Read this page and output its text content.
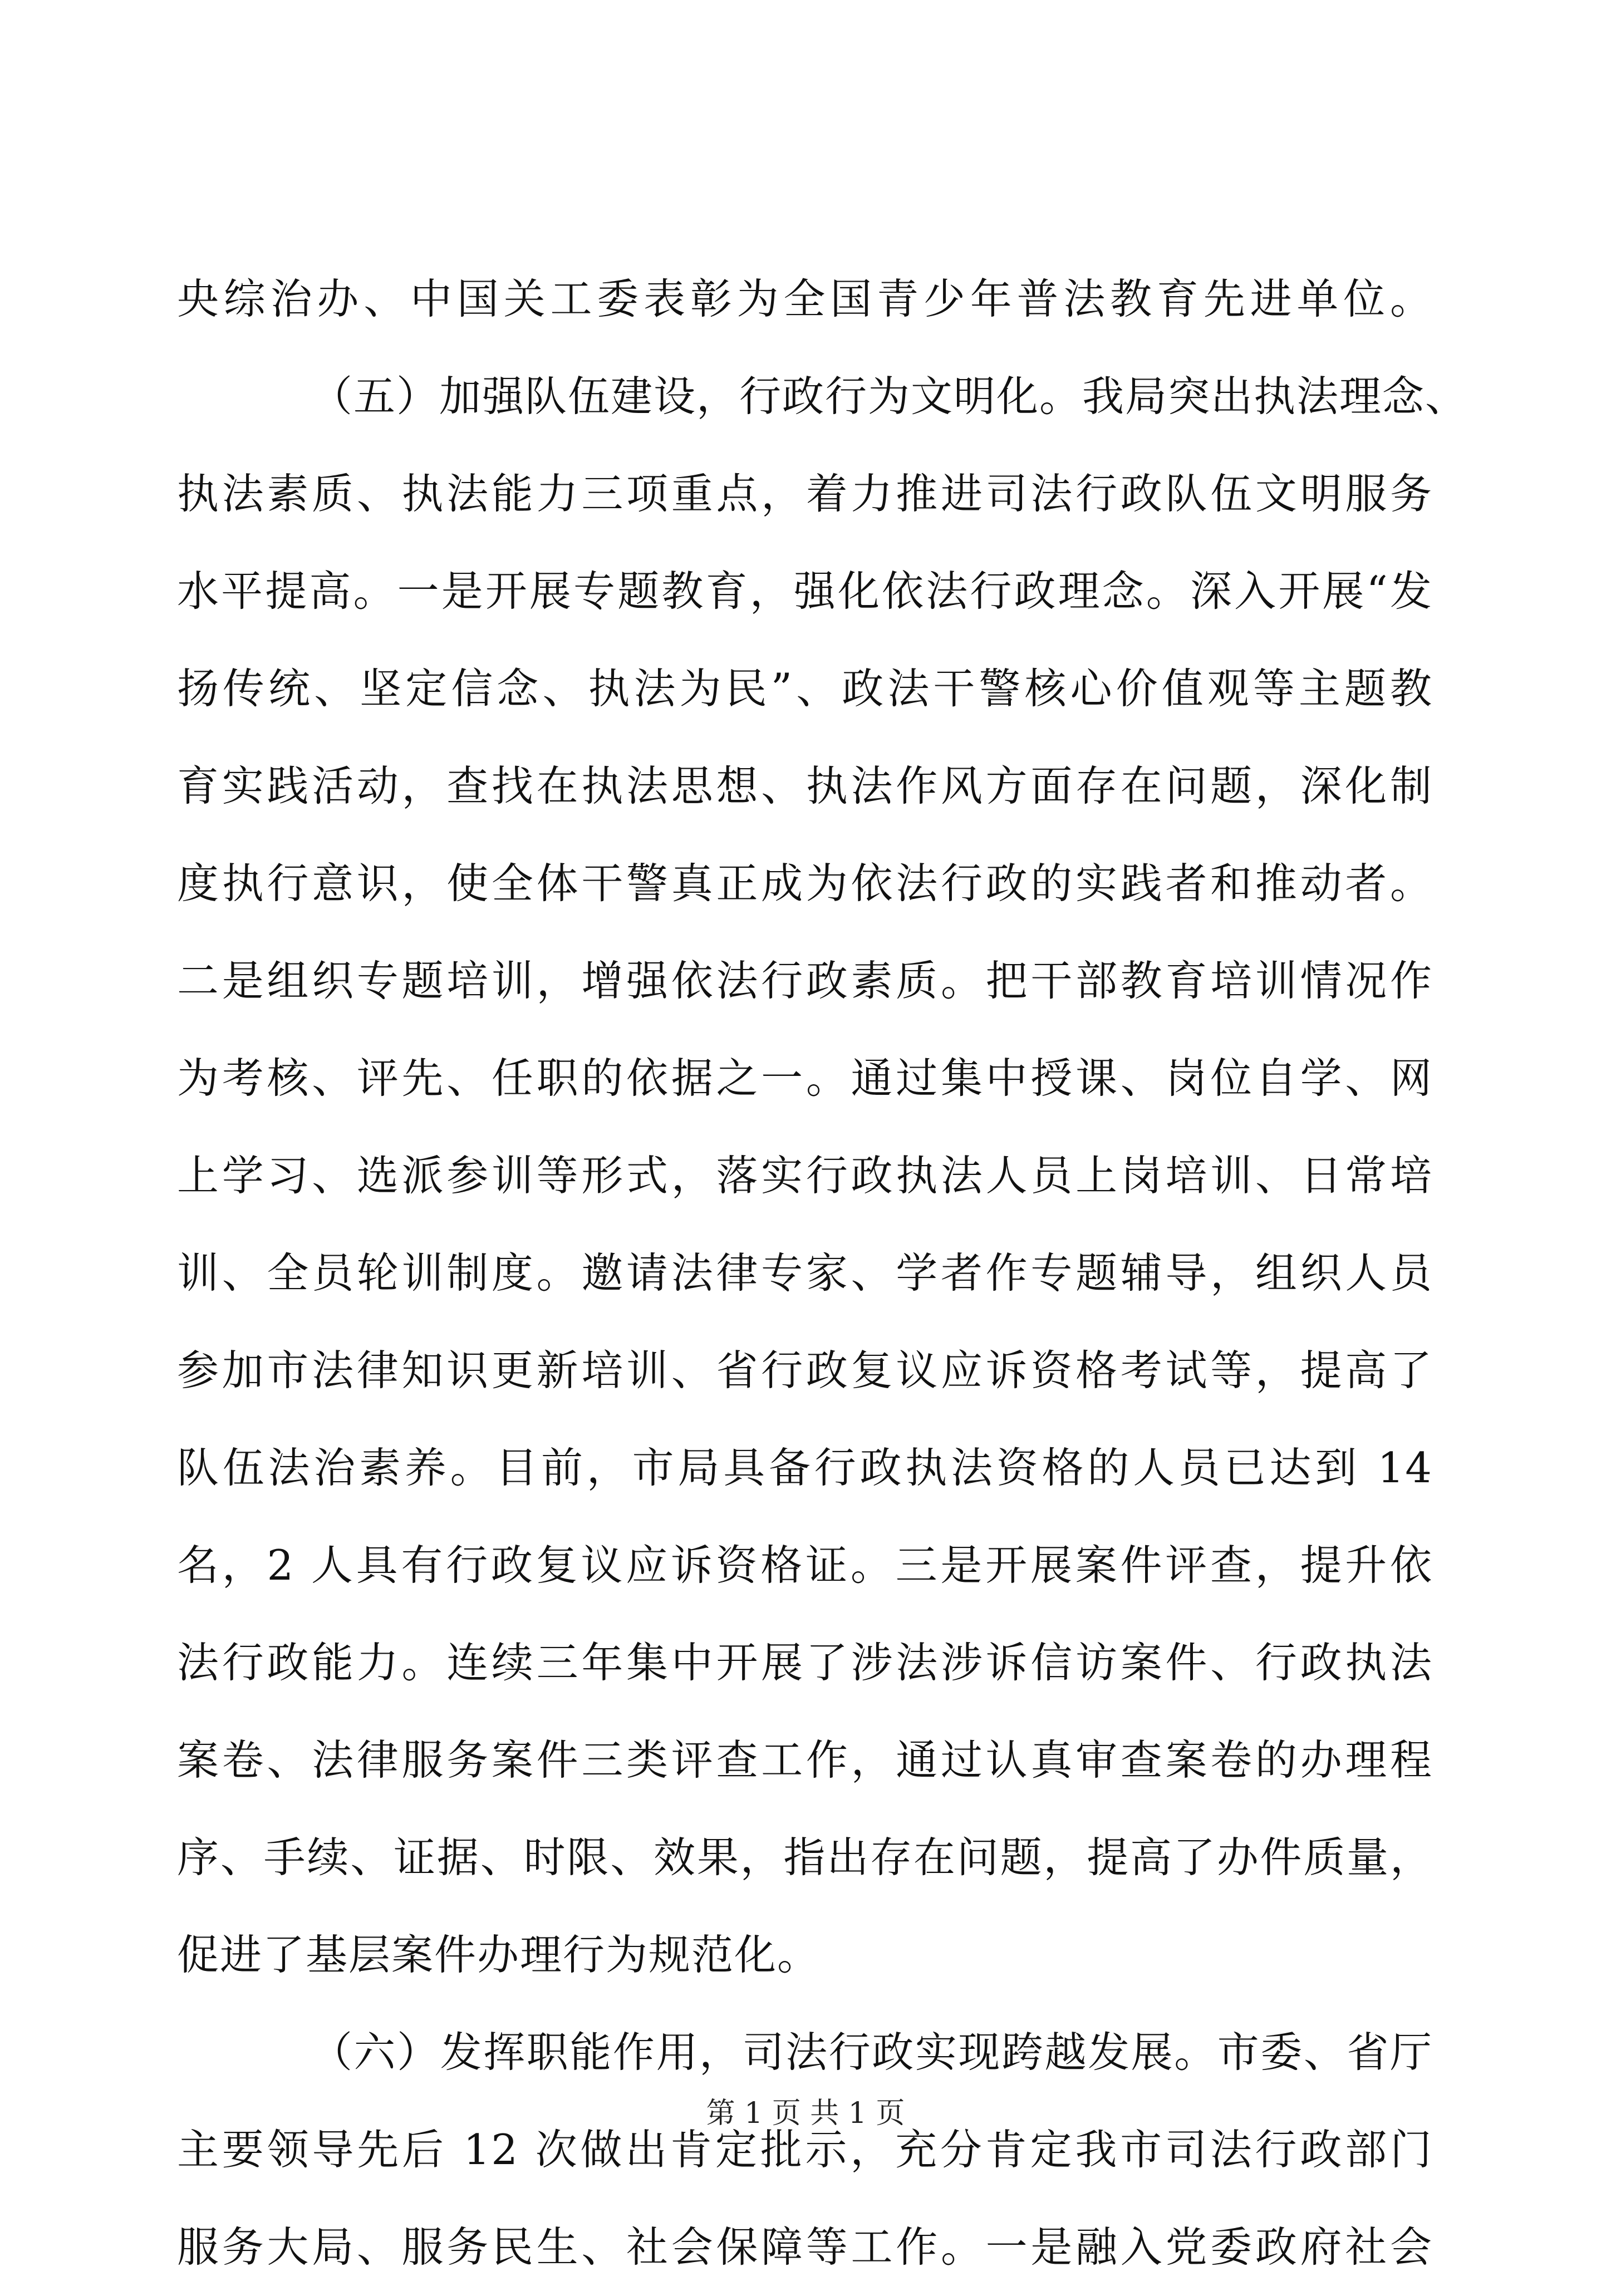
央综治办、中国关工委表彰为全国青少年普法教育先进单位。
（五）加强队伍建设，行政行为文明化。我局突出执法理念、
执法素质、执法能力三项重点，着力推进司法行政队伍文明服务
水平提高。一是开展专题教育，强化依法行政理念。深入开展“发
扬传统、坚定信念、执法为民”、政法干警核心价值观等主题教
育实践活动，查找在执法思想、执法作风方面存在问题，深化制
度执行意识，使全体干警真正成为依法行政的实践者和推动者。
二是组织专题培训，增强依法行政素质。把干部教育培训情况作
为考核、评先、任职的依据之一。通过集中授课、岗位自学、网
上学习、选派参训等形式，落实行政执法人员上岗培训、日常培
训、全员轮训制度。邀请法律专家、学者作专题辅导，组织人员
参加市法律知识更新培训、省行政复议应诉资格考试等，提高了
队伍法治素养。目前，市局具备行政执法资格的人员已达到 14
名，2 人具有行政复议应诉资格证。三是开展案件评查，提升依
法行政能力。连续三年集中开展了涉法涉诉信访案件、行政执法
案卷、法律服务案件三类评查工作，通过认真审查案卷的办理程
序、手续、证据、时限、效果，指出存在问题，提高了办件质量，
促进了基层案件办理行为规范化。
（六）发挥职能作用，司法行政实现跨越发展。市委、省厅
主要领导先后 12 次做出肯定批示，充分肯定我市司法行政部门
服务大局、服务民生、社会保障等工作。一是融入党委政府社会
第 1 页 共 1 页
